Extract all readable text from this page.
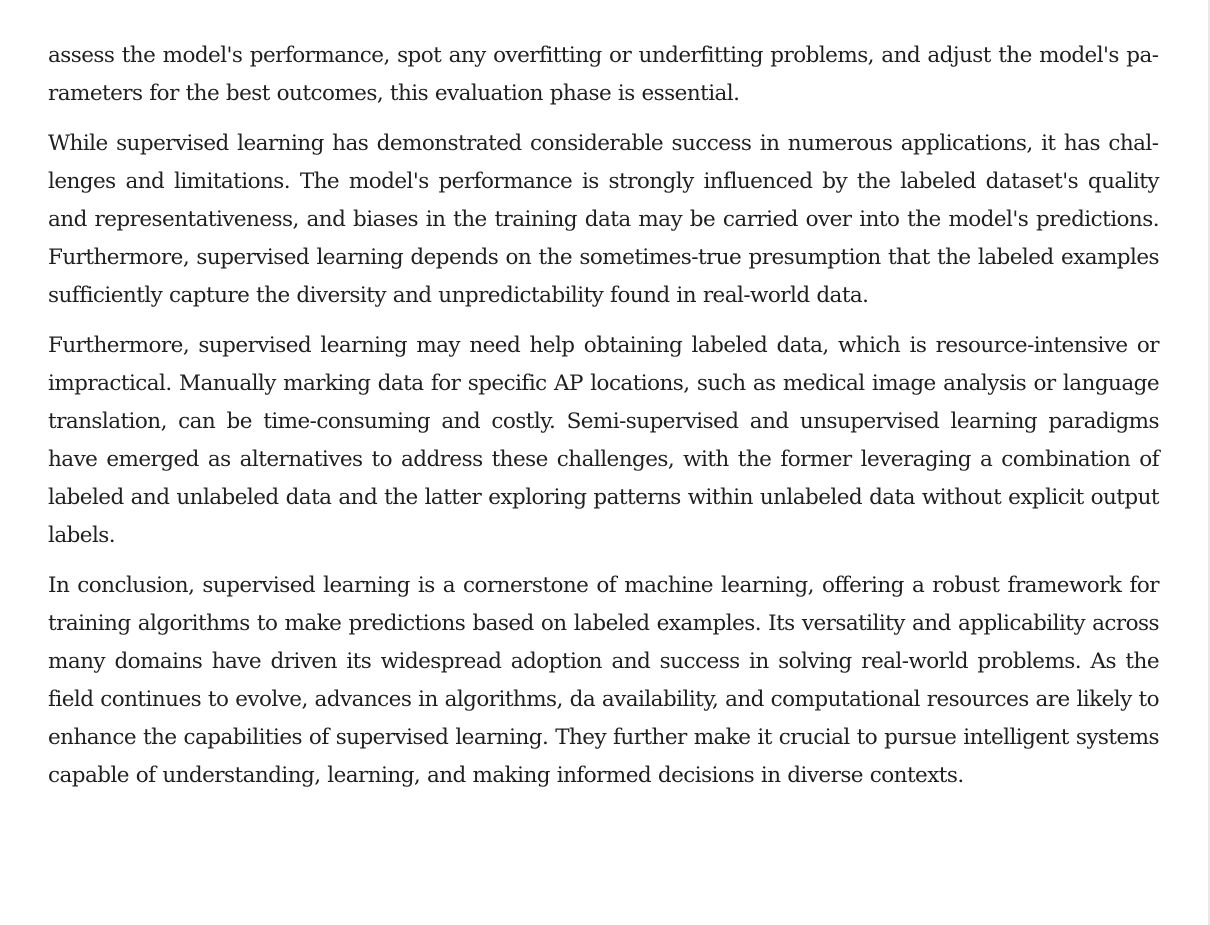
assess the model's performance, spot any overfitting or underfitting problems, and adjust the model's parameters for the best outcomes, this evaluation phase is essential.

While supervised learning has demonstrated considerable success in numerous applications, it has challenges and limitations. The model's performance is strongly influenced by the labeled dataset's quality and representativeness, and biases in the training data may be carried over into the model's predictions. Furthermore, supervised learning depends on the sometimes-true presumption that the labeled examples sufficiently capture the diversity and unpredictability found in real-world data.

Furthermore, supervised learning may need help obtaining labeled data, which is resource-intensive or impractical. Manually marking data for specific AP locations, such as medical image analysis or language translation, can be time-consuming and costly. Semi-supervised and unsupervised learning paradigms have emerged as alternatives to address these challenges, with the former leveraging a combination of labeled and unlabeled data and the latter exploring patterns within unlabeled data without explicit output labels.

In conclusion, supervised learning is a cornerstone of machine learning, offering a robust framework for training algorithms to make predictions based on labeled examples. Its versatility and applicability across many domains have driven its widespread adoption and success in solving real-world problems. As the field continues to evolve, advances in algorithms, da availability, and computational resources are likely to enhance the capabilities of supervised learning. They further make it crucial to pursue intelligent systems capable of understanding, learning, and making informed decisions in diverse contexts.
